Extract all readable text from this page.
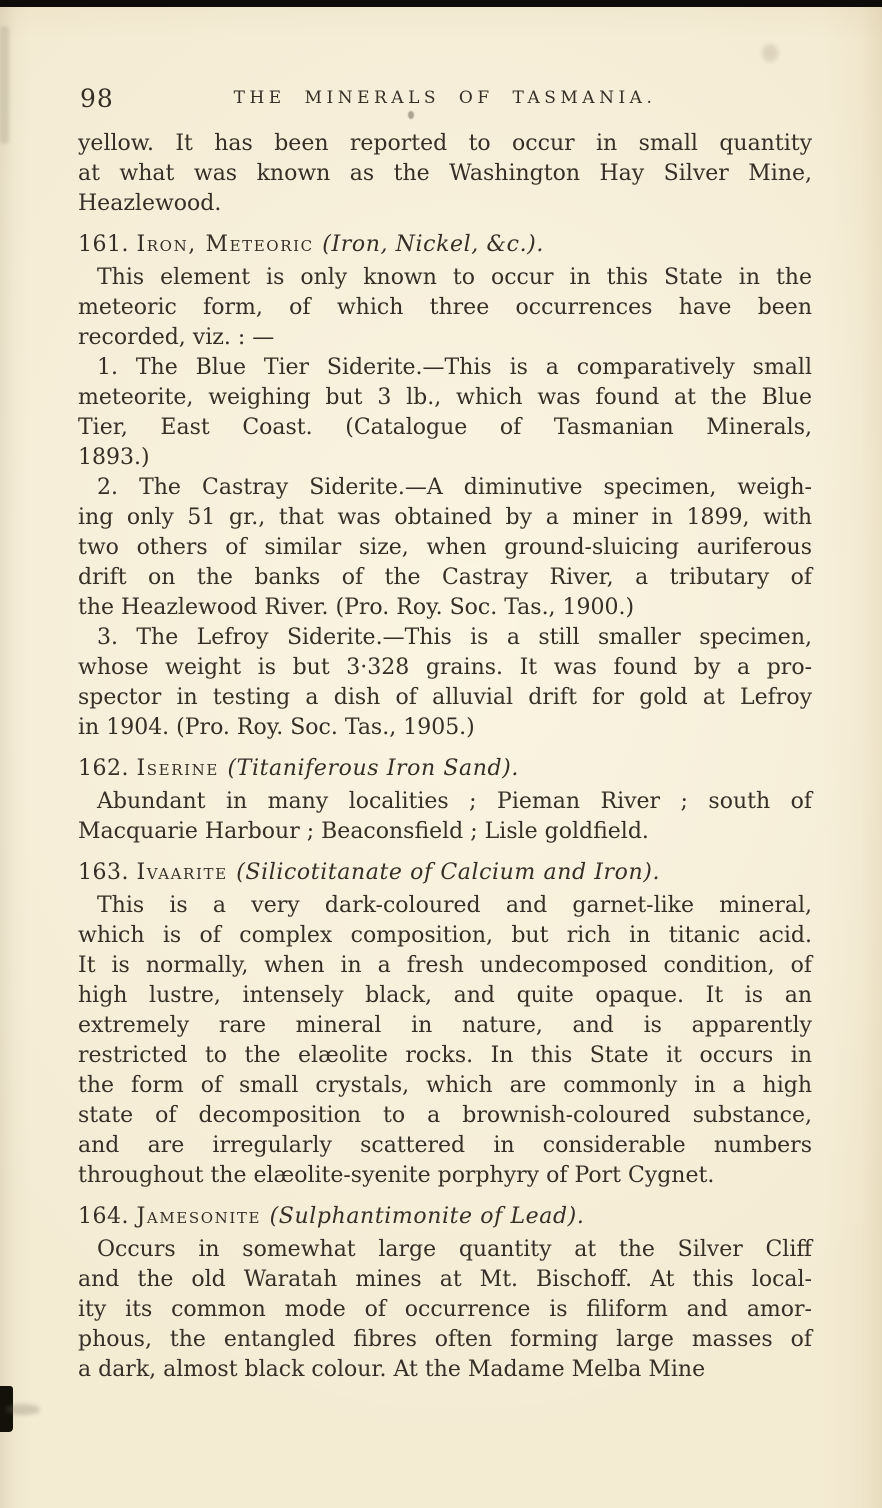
98	THE MINERALS OF TASMANIA.
yellow. It has been reported to occur in small quantity
at what was known as the Washington Hay Silver Mine,
Heazlewood.
161. Iron, Meteoric (Iron, Nickel, &c.).
This element is only known to occur in this State in the
meteoric form, of which three occurrences have been
recorded, viz. : —
1. The Blue Tier Siderite.—This is a comparatively small
meteorite, weighing but 3 lb., which was found at the Blue
Tier, East Coast. (Catalogue of Tasmanian Minerals,
1893.)
2. The Castray Siderite.—A diminutive specimen, weigh-
ing only 51 gr., that was obtained by a miner in 1899, with
two others of similar size, when ground-sluicing auriferous
drift on the banks of the Castray River, a tributary of
the Heazlewood River. (Pro. Roy. Soc. Tas., 1900.)
3. The Lefroy Siderite.—This is a still smaller specimen,
whose weight is but 3·328 grains. It was found by a pro-
spector in testing a dish of alluvial drift for gold at Lefroy
in 1904. (Pro. Roy. Soc. Tas., 1905.)
162. Iserine (Titaniferous Iron Sand).
Abundant in many localities ; Pieman River ; south of
Macquarie Harbour ; Beaconsfield ; Lisle goldfield.
163. Ivaarite (Silicotitanate of Calcium and Iron).
This is a very dark-coloured and garnet-like mineral,
which is of complex composition, but rich in titanic acid.
It is normally, when in a fresh undecomposed condition, of
high lustre, intensely black, and quite opaque. It is an
extremely rare mineral in nature, and is apparently
restricted to the elæolite rocks. In this State it occurs in
the form of small crystals, which are commonly in a high
state of decomposition to a brownish-coloured substance,
and are irregularly scattered in considerable numbers
throughout the elæolite-syenite porphyry of Port Cygnet.
164. Jamesonite (Sulphantimonite of Lead).
Occurs in somewhat large quantity at the Silver Cliff
and the old Waratah mines at Mt. Bischoff. At this local-
ity its common mode of occurrence is filiform and amor-
phous, the entangled fibres often forming large masses of
a dark, almost black colour. At the Madame Melba Mine
